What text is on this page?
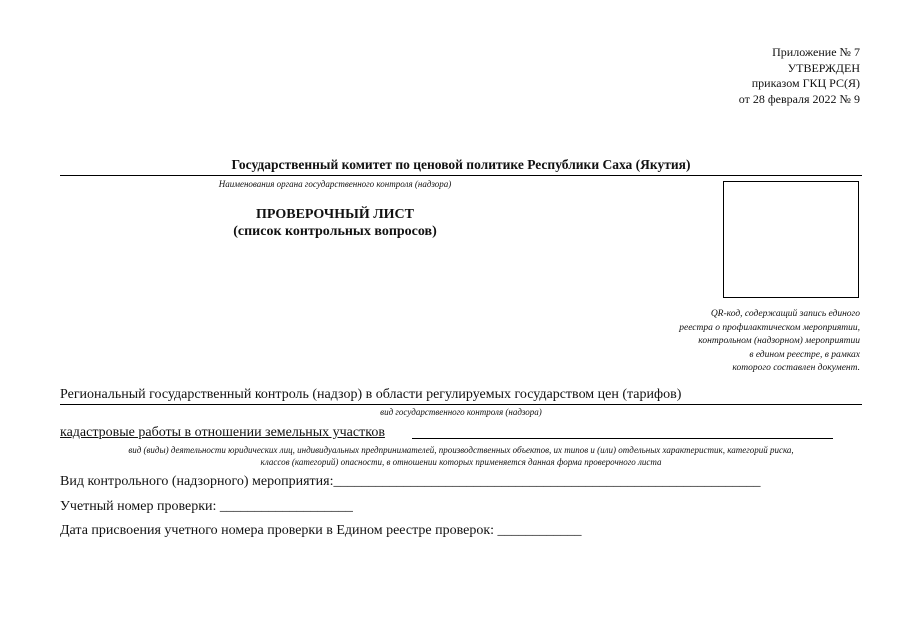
Приложение № 7
УТВЕРЖДЕН
приказом ГКЦ РС(Я)
от 28 февраля 2022 № 9
Государственный комитет по ценовой политике Республики Саха (Якутия)
Наименования органа государственного контроля (надзора)
ПРОВЕРОЧНЫЙ ЛИСТ
(список контрольных вопросов)
QR-код, содержащий запись единого
реестра о профилактическом мероприятии,
контрольном (надзорном) мероприятии
в едином реестре, в рамках
которого составлен документ.
Региональный государственный контроль (надзор) в области регулируемых государством цен (тарифов)
вид государственного контроля (надзора)
кадастровые работы в отношении земельных участков
вид (виды) деятельности юридических лиц, индивидуальных предпринимателей, производственных объектов, их типов и (или) отдельных характеристик, категорий риска,
классов (категорий) опасности, в отношении которых применяется данная форма проверочного листа
Вид контрольного (надзорного) мероприятия:_____________________________________________________________
Учетный номер проверки: ___________________
Дата присвоения учетного номера проверки в Едином реестре проверок: ____________
